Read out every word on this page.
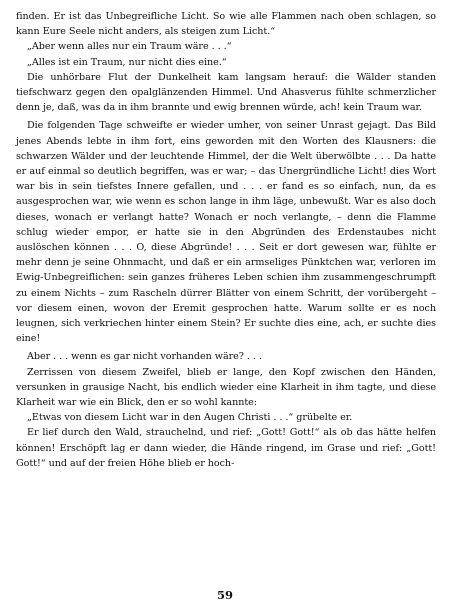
finden. Er ist das Unbegreifliche Licht. So wie alle Flammen nach oben schlagen, so kann Eure Seele nicht anders, als steigen zum Licht.“

„Aber wenn alles nur ein Traum wäre . . .“

„Alles ist ein Traum, nur nicht dies eine.“

Die unhörbare Flut der Dunkelheit kam langsam herauf: die Wälder standen tiefschwarz gegen den opalglänzenden Himmel. Und Ahasverus fühlte schmerzlicher denn je, daß, was da in ihm brannte und ewig brennen würde, ach! kein Traum war.

Die folgenden Tage schweifte er wieder umher, von seiner Unrast gejagt. Das Bild jenes Abends lebte in ihm fort, eins geworden mit den Worten des Klausners: die schwarzen Wälder und der leuchtende Himmel, der die Welt überwölbte . . . Da hatte er auf einmal so deutlich begriffen, was er war; – das Unergründliche Licht! dies Wort war bis in sein tiefstes Innere gefallen, und . . . er fand es so einfach, nun, da es ausgesprochen war, wie wenn es schon lange in ihm läge, unbewußt. War es also doch dieses, wonach er verlangt hatte? Wonach er noch verlangte, – denn die Flamme schlug wieder empor, er hatte sie in den Abgründen des Erdenstaubes nicht auslöschen können . . . O, diese Abgründe! . . . Seit er dort gewesen war, fühlte er mehr denn je seine Ohnmacht, und daß er ein armseliges Pünktchen war, verloren im Ewig-Unbegreiflichen: sein ganzes früheres Leben schien ihm zusammengeschrumpft zu einem Nichts – zum Rascheln dürrer Blätter von einem Schritt, der vorübergeht – vor diesem einen, wovon der Eremit gesprochen hatte. Warum sollte er es noch leugnen, sich verkriechen hinter einem Stein? Er suchte dies eine, ach, er suchte dies eine!

Aber . . . wenn es gar nicht vorhanden wäre? . . .

Zerrissen von diesem Zweifel, blieb er lange, den Kopf zwischen den Händen, versunken in grausige Nacht, bis endlich wieder eine Klarheit in ihm tagte, und diese Klarheit war wie ein Blick, den er so wohl kannte:

„Etwas von diesem Licht war in den Augen Christi . . .“ grübelte er.

Er lief durch den Wald, strauchelnd, und rief: „Gott! Gott!“ als ob das hätte helfen können! Erschöpft lag er dann wieder, die Hände ringend, im Grase und rief: „Gott! Gott!“ und auf der freien Höhe blieb er hoch-

59
